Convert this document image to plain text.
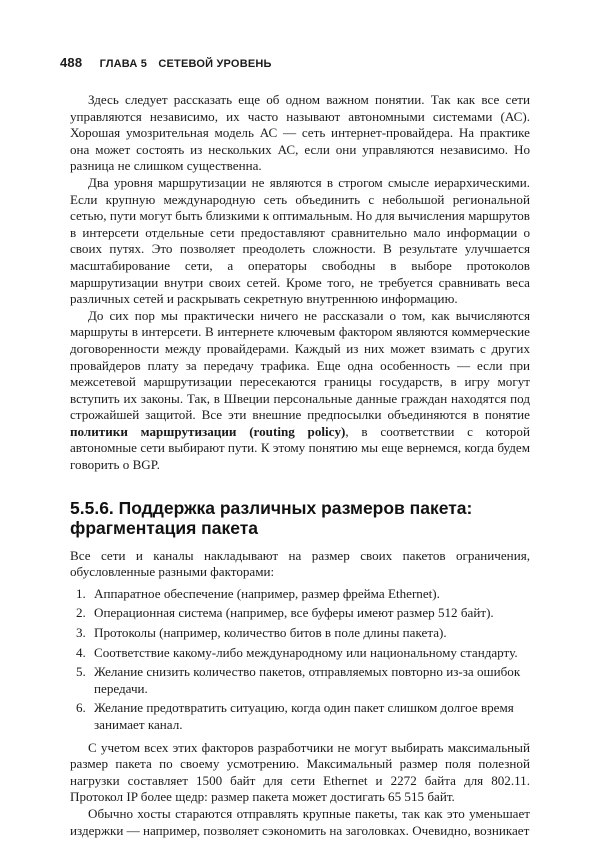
488 ГЛАВА 5 СЕТЕВОЙ УРОВЕНЬ

Здесь следует рассказать еще об одном важном понятии. Так как все сети управляются независимо, их часто называют автономными системами (АС). Хорошая умозрительная модель АС — сеть интернет-провайдера. На практике она может состоять из нескольких АС, если они управляются независимо. Но разница не слишком существенна.

Два уровня маршрутизации не являются в строгом смысле иерархическими. Если крупную международную сеть объединить с небольшой региональной сетью, пути могут быть близкими к оптимальным. Но для вычисления маршрутов в интерсети отдельные сети предоставляют сравнительно мало информации о своих путях. Это позволяет преодолеть сложности. В результате улучшается масштабирование сети, а операторы свободны в выборе протоколов маршрутизации внутри своих сетей. Кроме того, не требуется сравнивать веса различных сетей и раскрывать секретную внутреннюю информацию.

До сих пор мы практически ничего не рассказали о том, как вычисляются маршруты в интерсети. В интернете ключевым фактором являются коммерческие договоренности между провайдерами. Каждый из них может взимать с других провайдеров плату за передачу трафика. Еще одна особенность — если при межсетевой маршрутизации пересекаются границы государств, в игру могут вступить их законы. Так, в Швеции персональные данные граждан находятся под строжайшей защитой. Все эти внешние предпосылки объединяются в понятие политики маршрутизации (routing policy), в соответствии с которой автономные сети выбирают пути. К этому понятию мы еще вернемся, когда будем говорить о BGP.

5.5.6. Поддержка различных размеров пакета:
фрагментация пакета

Все сети и каналы накладывают на размер своих пакетов ограничения, обусловленные разными факторами:

1. Аппаратное обеспечение (например, размер фрейма Ethernet).
2. Операционная система (например, все буферы имеют размер 512 байт).
3. Протоколы (например, количество битов в поле длины пакета).
4. Соответствие какому-либо международному или национальному стандарту.
5. Желание снизить количество пакетов, отправляемых повторно из-за ошибок передачи.
6. Желание предотвратить ситуацию, когда один пакет слишком долгое время занимает канал.

С учетом всех этих факторов разработчики не могут выбирать максимальный размер пакета по своему усмотрению. Максимальный размер поля полезной нагрузки составляет 1500 байт для сети Ethernet и 2272 байта для 802.11. Протокол IP более щедр: размер пакета может достигать 65 515 байт.

Обычно хосты стараются отправлять крупные пакеты, так как это уменьшает издержки — например, позволяет сэкономить на заголовках. Очевидно, возникает
